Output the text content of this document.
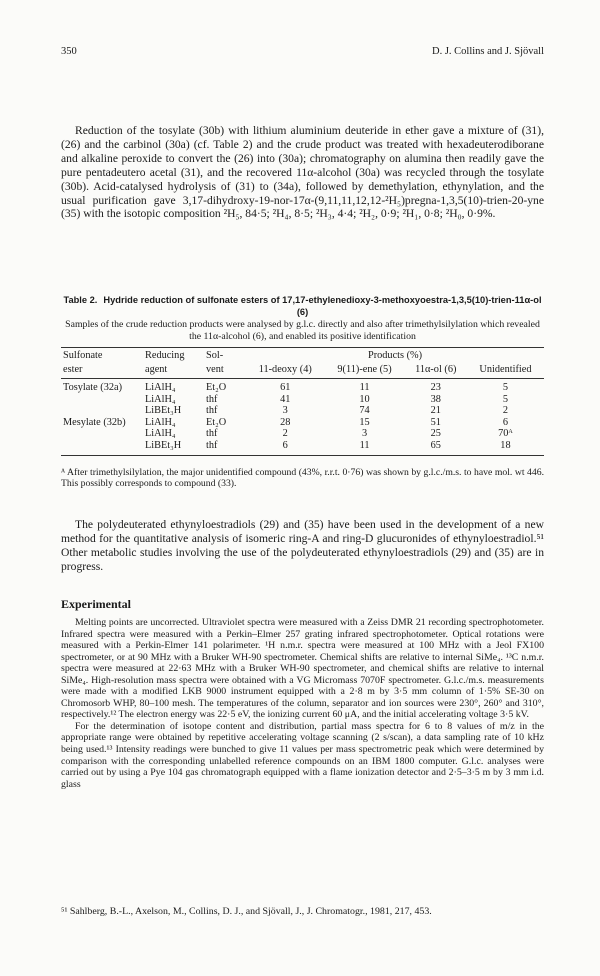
350	D. J. Collins and J. Sjövall

Reduction of the tosylate (30b) with lithium aluminium deuteride in ether gave a mixture of (31), (26) and the carbinol (30a) (cf. Table 2) and the crude product was treated with hexadeuterodiborane and alkaline peroxide to convert the (26) into (30a); chromatography on alumina then readily gave the pure pentadeutero acetal (31), and the recovered 11α-alcohol (30a) was recycled through the tosylate (30b). Acid-catalysed hydrolysis of (31) to (34a), followed by demethylation, ethynylation, and the usual purification gave 3,17-dihydroxy-19-nor-17α-(9,11,11,12,12-²H₅)pregna-1,3,5(10)-trien-20-yne (35) with the isotopic composition ²H₅, 84·5; ²H₄, 8·5; ²H₃, 4·4; ²H₂, 0·9; ²H₁, 0·8; ²H₀, 0·9%.

Table 2. Hydride reduction of sulfonate esters of 17,17-ethylenedioxy-3-methoxyoestra-1,3,5(10)-trien-11α-ol (6)

Samples of the crude reduction products were analysed by g.l.c. directly and also after trimethylsilylation which revealed the 11α-alcohol (6), and enabled its positive identification

Sulfonate	Reducing	Sol-	Products (%)			
ester	agent	vent	11-deoxy (4)	9(11)-ene (5)	11α-ol (6)	Unidentified
Tosylate (32a)	LiAlH₄	Et₂O	61	11	23	5
	LiAlH₄	thf	41	10	38	5
	LiBEt₃H	thf	3	74	21	2
Mesylate (32b)	LiAlH₄	Et₂O	28	15	51	6
	LiAlH₄	thf	2	3	25	70ᴬ
	LiBEt₃H	thf	6	11	65	18

ᴬ After trimethylsilylation, the major unidentified compound (43%, r.r.t. 0·76) was shown by g.l.c./m.s. to have mol. wt 446. This possibly corresponds to compound (33).

The polydeuterated ethynyloestradiols (29) and (35) have been used in the development of a new method for the quantitative analysis of isomeric ring-A and ring-D glucuronides of ethynyloestradiol.⁵¹ Other metabolic studies involving the use of the polydeuterated ethynyloestradiols (29) and (35) are in progress.

Experimental

Melting points are uncorrected. Ultraviolet spectra were measured with a Zeiss DMR 21 recording spectrophotometer. Infrared spectra were measured with a Perkin–Elmer 257 grating infrared spectrophotometer. Optical rotations were measured with a Perkin-Elmer 141 polarimeter. ¹H n.m.r. spectra were measured at 100 MHz with a Jeol FX100 spectrometer, or at 90 MHz with a Bruker WH-90 spectrometer. Chemical shifts are relative to internal SiMe₄. ¹³C n.m.r. spectra were measured at 22·63 MHz with a Bruker WH-90 spectrometer, and chemical shifts are relative to internal SiMe₄. High-resolution mass spectra were obtained with a VG Micromass 7070F spectrometer. G.l.c./m.s. measurements were made with a modified LKB 9000 instrument equipped with a 2·8 m by 3·5 mm column of 1·5% SE-30 on Chromosorb WHP, 80–100 mesh. The temperatures of the column, separator and ion sources were 230°, 260° and 310°, respectively.¹² The electron energy was 22·5 eV, the ionizing current 60 μA, and the initial accelerating voltage 3·5 kV.

For the determination of isotope content and distribution, partial mass spectra for 6 to 8 values of m/z in the appropriate range were obtained by repetitive accelerating voltage scanning (2 s/scan), a data sampling rate of 10 kHz being used.¹³ Intensity readings were bunched to give 11 values per mass spectrometric peak which were determined by comparison with the corresponding unlabelled reference compounds on an IBM 1800 computer. G.l.c. analyses were carried out by using a Pye 104 gas chromatograph equipped with a flame ionization detector and 2·5–3·5 m by 3 mm i.d. glass

⁵¹ Sahlberg, B.-L., Axelson, M., Collins, D. J., and Sjövall, J., J. Chromatogr., 1981, 217, 453.
